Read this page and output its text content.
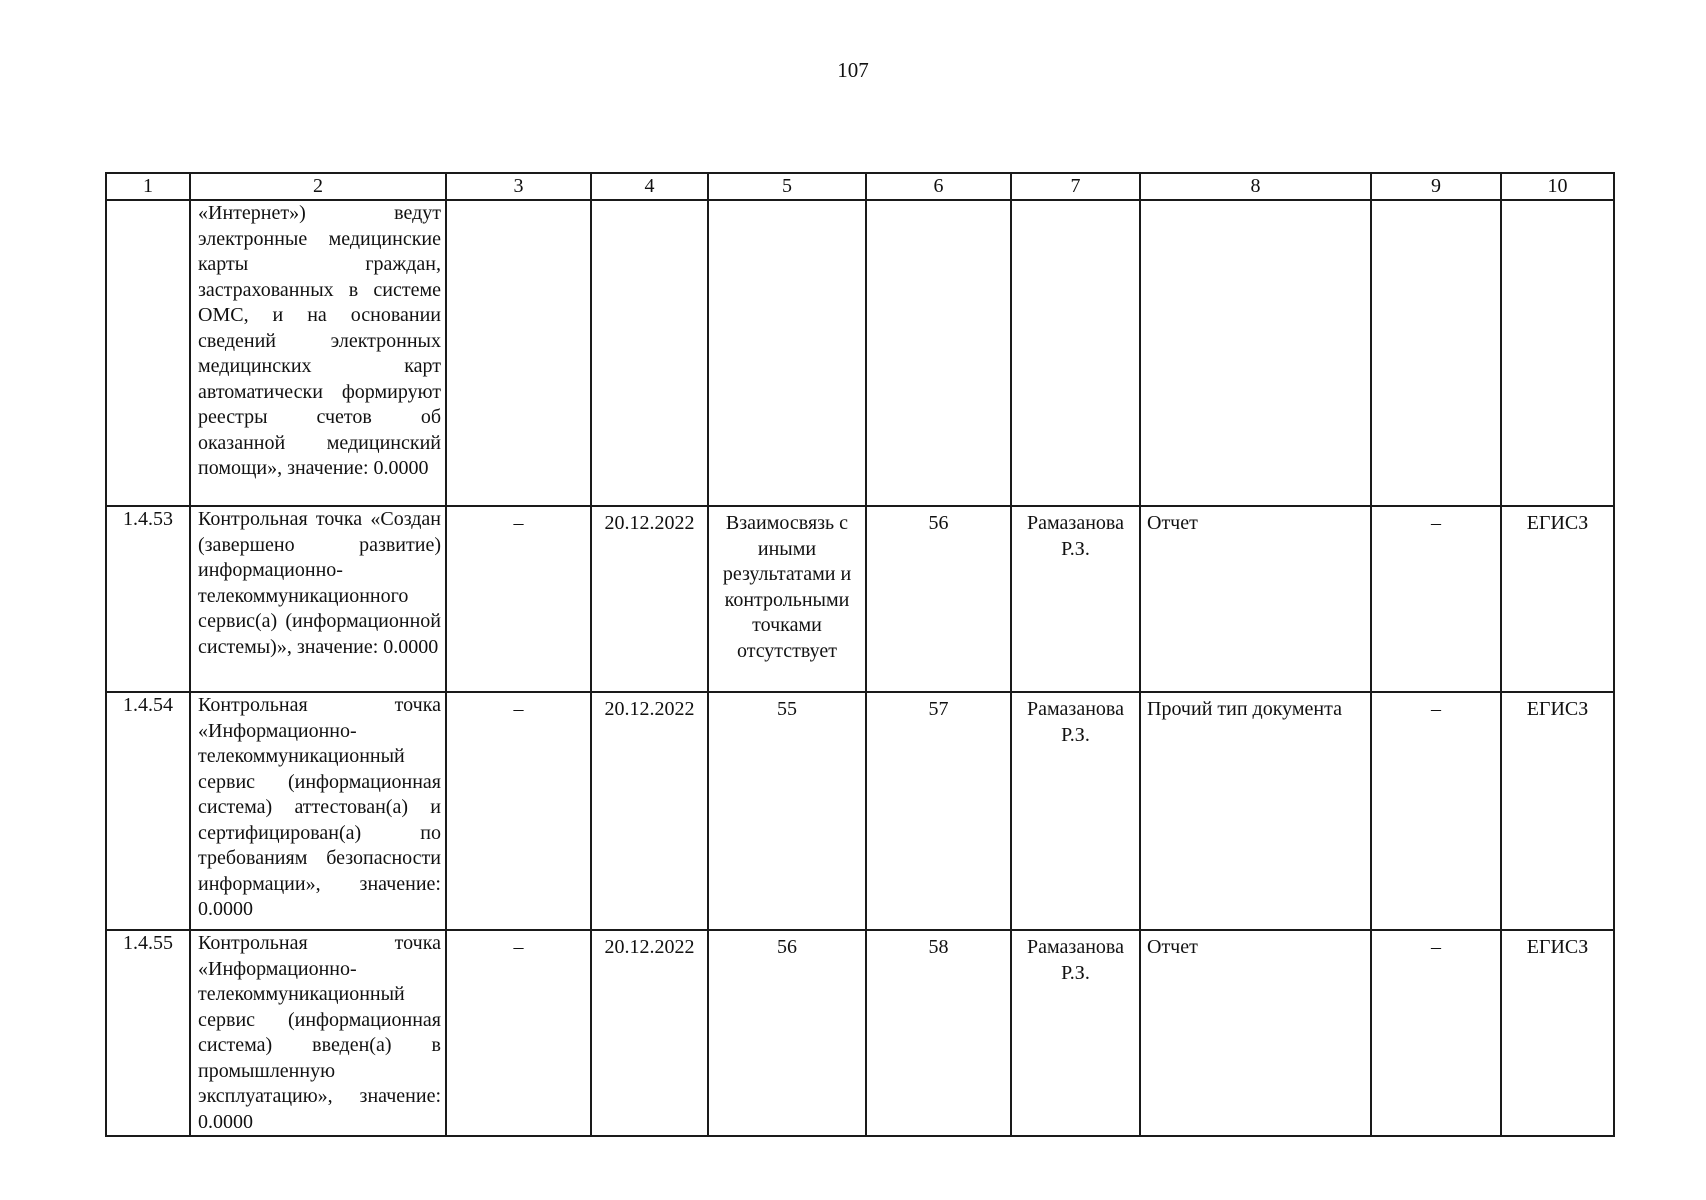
107
1	2	3	4	5	6	7	8	9	10
	«Интернет») ведут электронные медицинские карты граждан, застрахованных в системе ОМС, и на основании сведений электронных медицинских карт автоматически формируют реестры счетов об оказанной медицинский помощи», значение: 0.0000								
1.4.53	Контрольная точка «Создан (завершено развитие) информационно-телекоммуникационного сервис(а) (информационной системы)», значение: 0.0000	–	20.12.2022	Взаимосвязь с иными результатами и контрольными точками отсутствует	56	Рамазанова Р.З.	Отчет	–	ЕГИСЗ
1.4.54	Контрольная точка «Информационно-телекоммуникационный сервис (информационная система) аттестован(а) и сертифицирован(а) по требованиям безопасности информации», значение: 0.0000	–	20.12.2022	55	57	Рамазанова Р.З.	Прочий тип документа	–	ЕГИСЗ
1.4.55	Контрольная точка «Информационно-телекоммуникационный сервис (информационная система) введен(а) в промышленную эксплуатацию», значение: 0.0000	–	20.12.2022	56	58	Рамазанова Р.З.	Отчет	–	ЕГИСЗ
